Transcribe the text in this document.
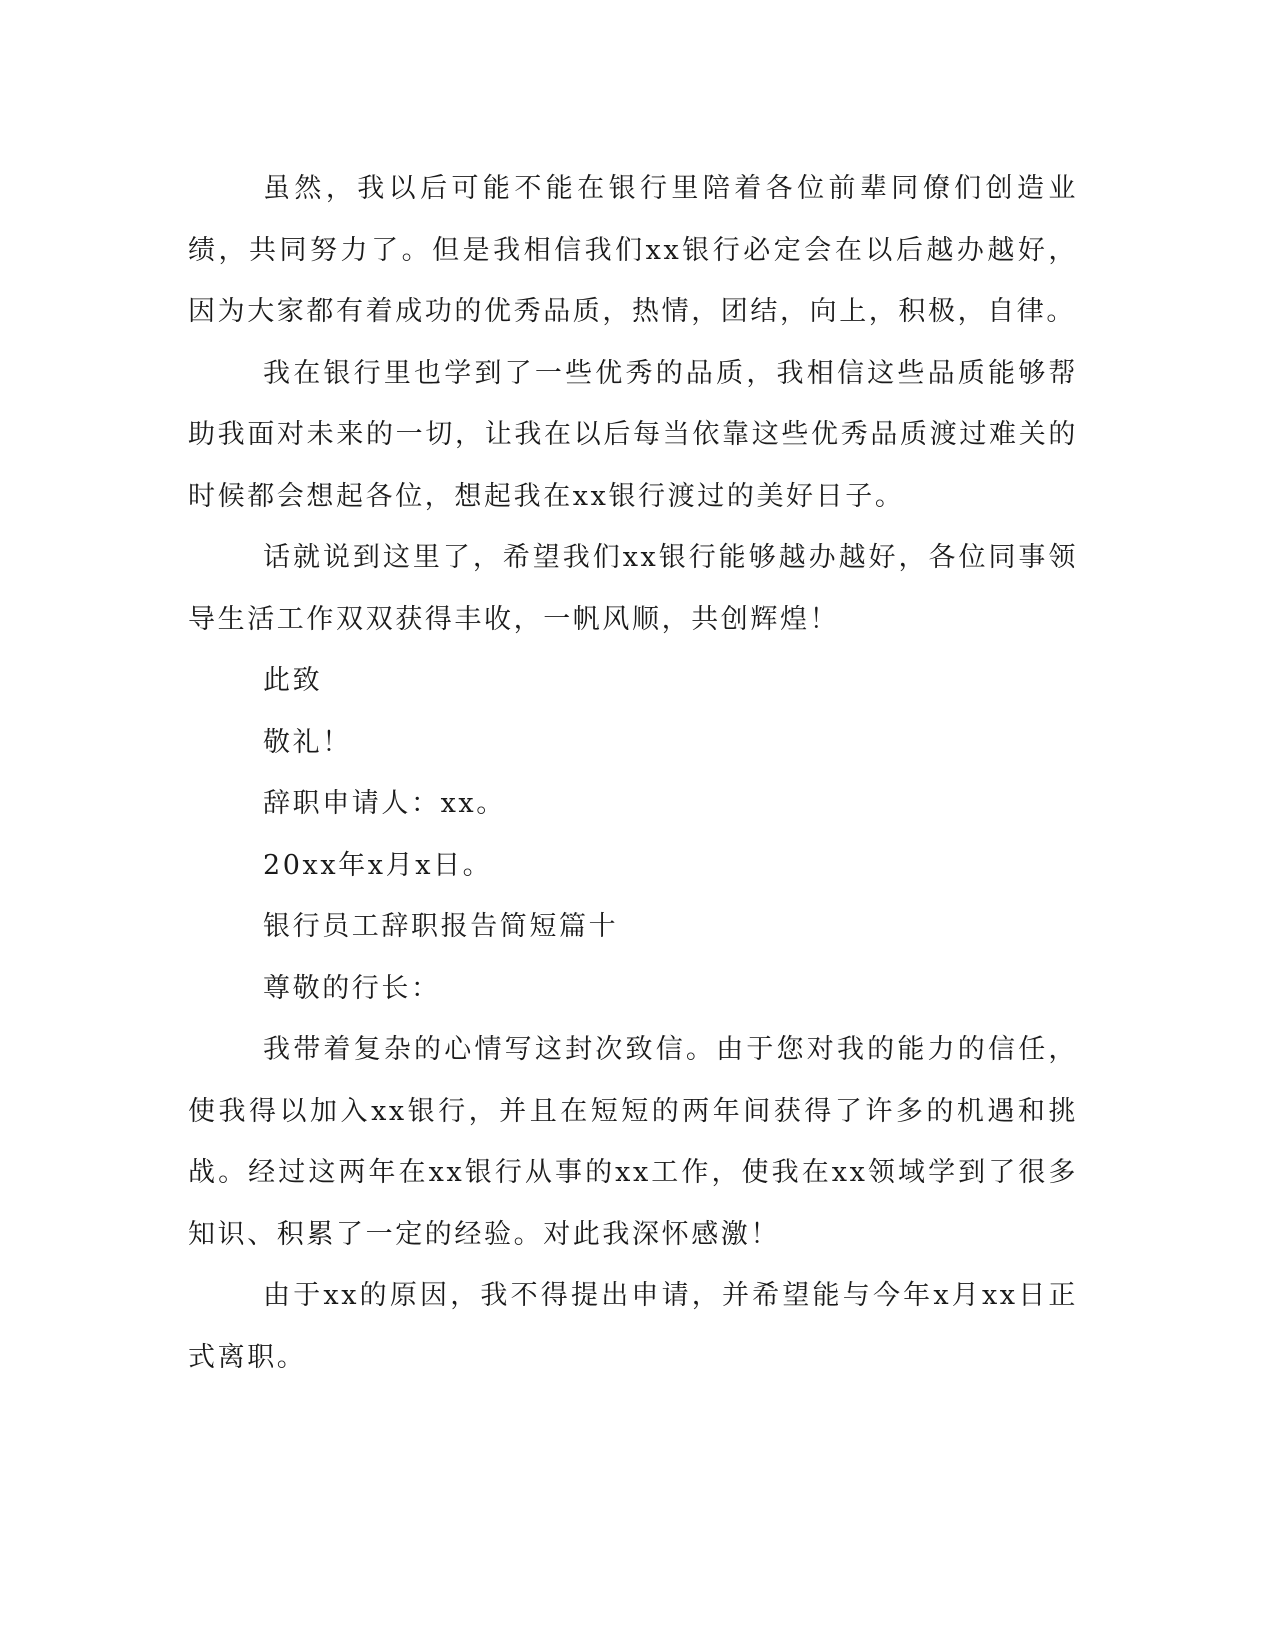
虽然，我以后可能不能在银行里陪着各位前辈同僚们创造业绩，共同努力了。但是我相信我们xx银行必定会在以后越办越好，因为大家都有着成功的优秀品质，热情，团结，向上，积极，自律。

我在银行里也学到了一些优秀的品质，我相信这些品质能够帮助我面对未来的一切，让我在以后每当依靠这些优秀品质渡过难关的时候都会想起各位，想起我在xx银行渡过的美好日子。

话就说到这里了，希望我们xx银行能够越办越好，各位同事领导生活工作双双获得丰收，一帆风顺，共创辉煌！

此致

敬礼！

辞职申请人：xx。

20xx年x月x日。

银行员工辞职报告简短篇十

尊敬的行长：

我带着复杂的心情写这封次致信。由于您对我的能力的信任，使我得以加入xx银行，并且在短短的两年间获得了许多的机遇和挑战。经过这两年在xx银行从事的xx工作，使我在xx领域学到了很多知识、积累了一定的经验。对此我深怀感激！

由于xx的原因，我不得提出申请，并希望能与今年x月xx日正式离职。
